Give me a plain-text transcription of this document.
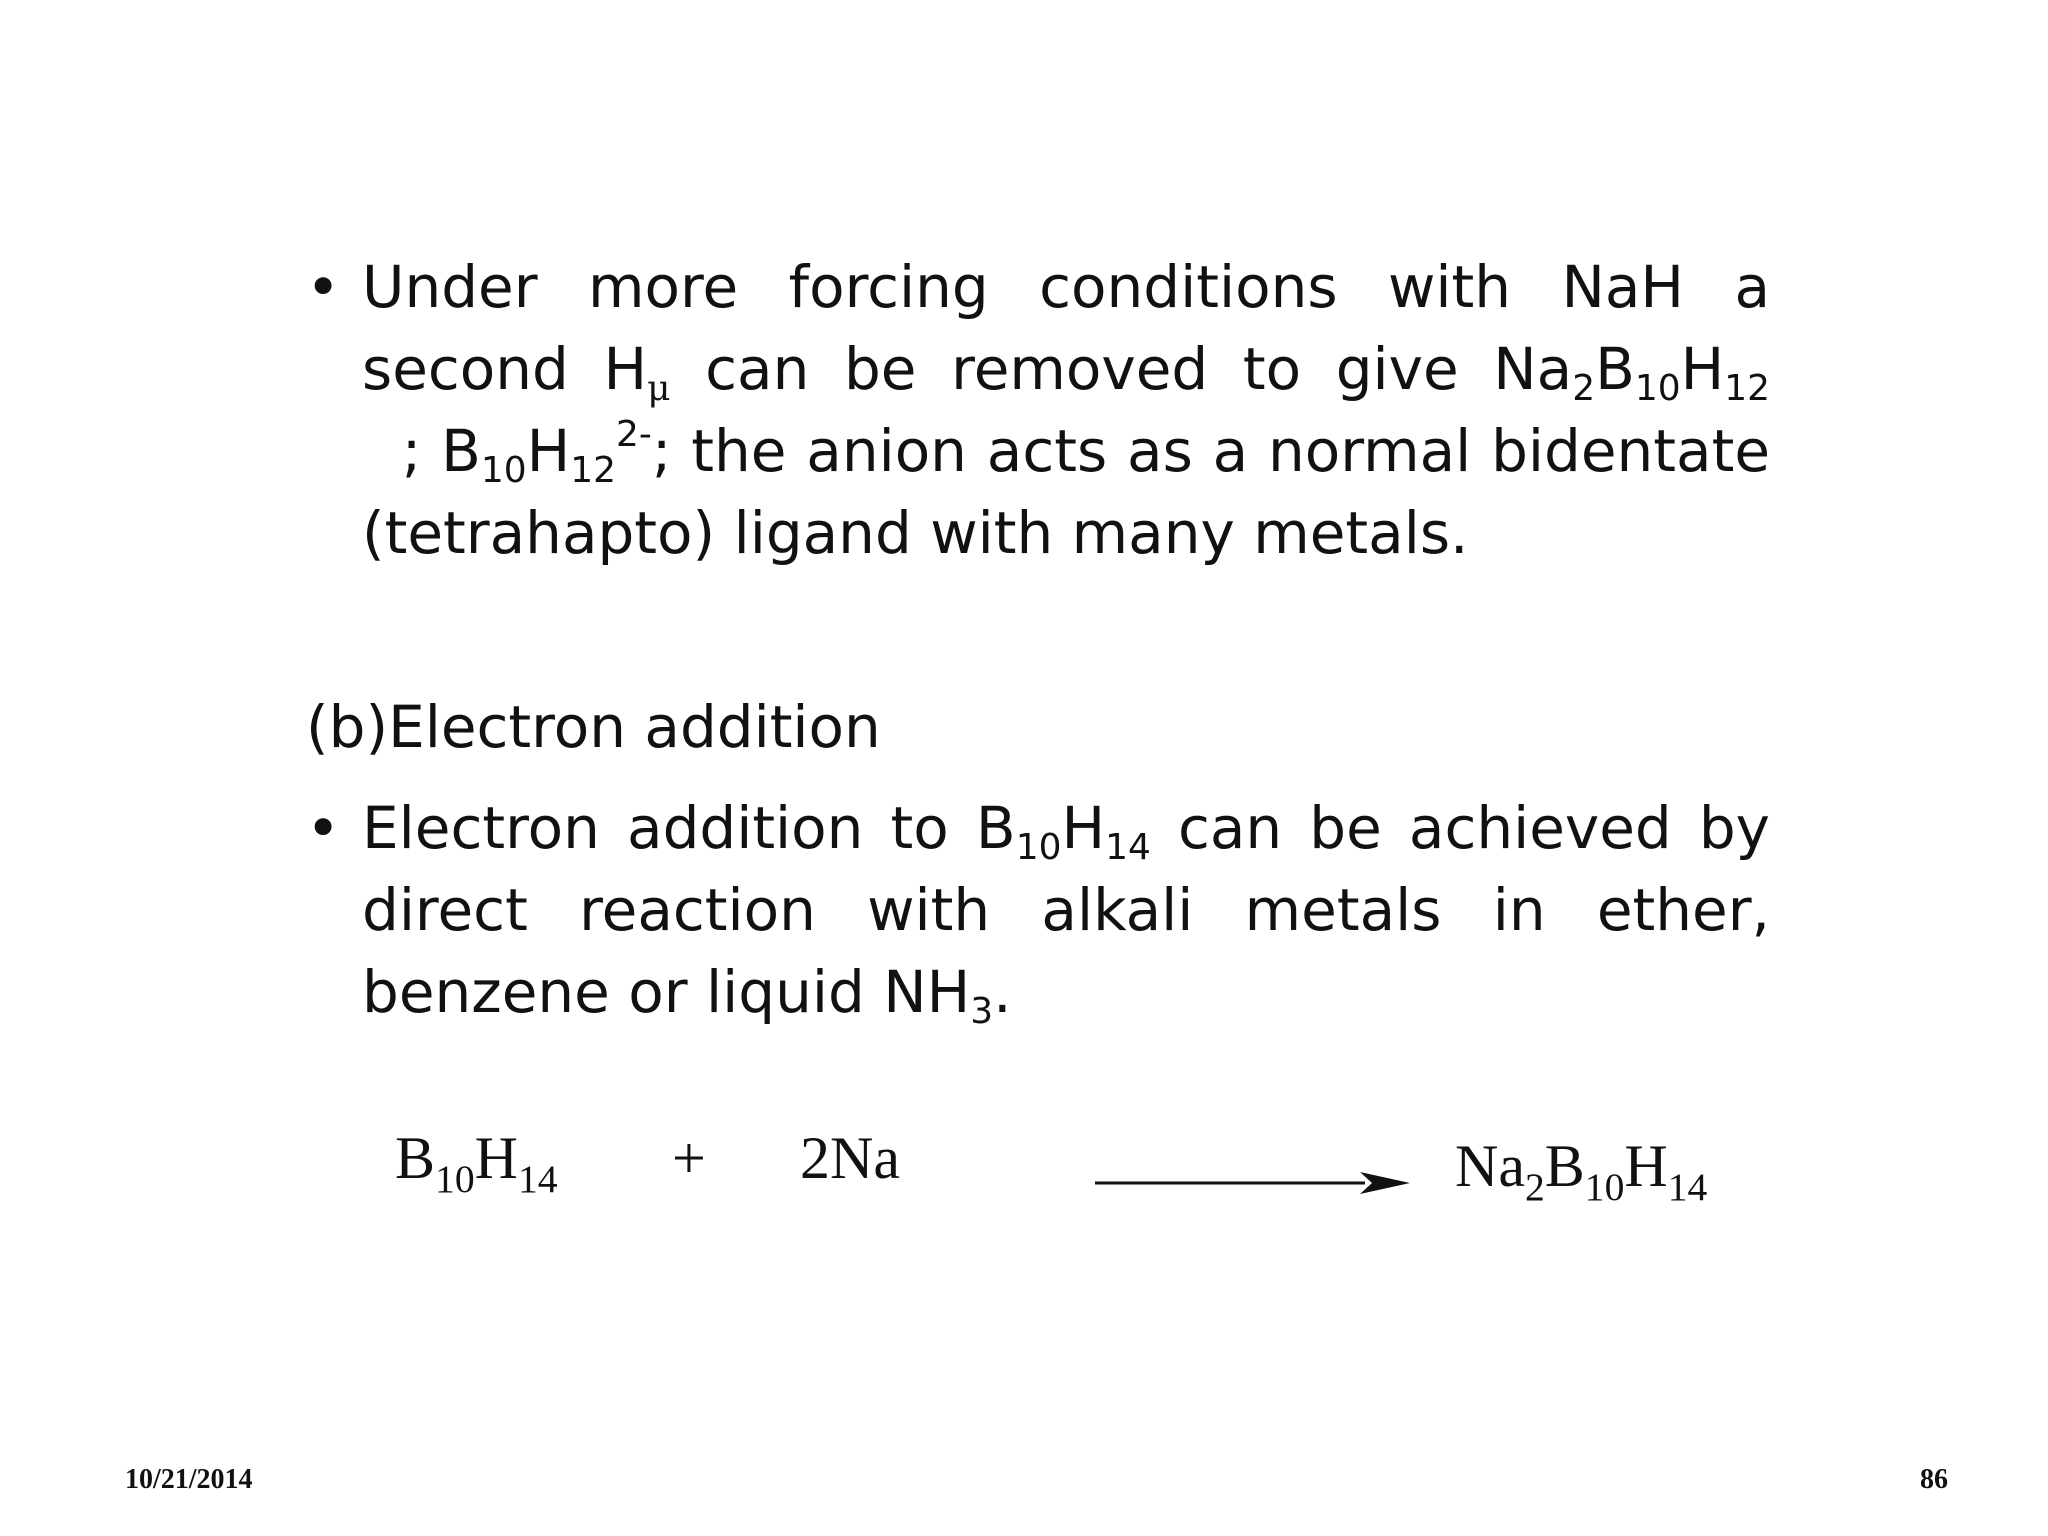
• Under more forcing conditions with NaH a second $H_\mu$ can be removed to give $Na_2B_{10}H_{12}$  ; $B_{10}H_{12}^{2-}$; the anion acts as a normal bidentate (tetrahapto) ligand with many metals.
(b)Electron addition
• Electron addition to $B_{10}H_{14}$ can be achieved by direct reaction with alkali metals in ether, benzene or liquid $NH_3$.
$B_{10}H_{14} + 2Na$	$Na_2B_{10}H_{14}$
10/21/2014	86
